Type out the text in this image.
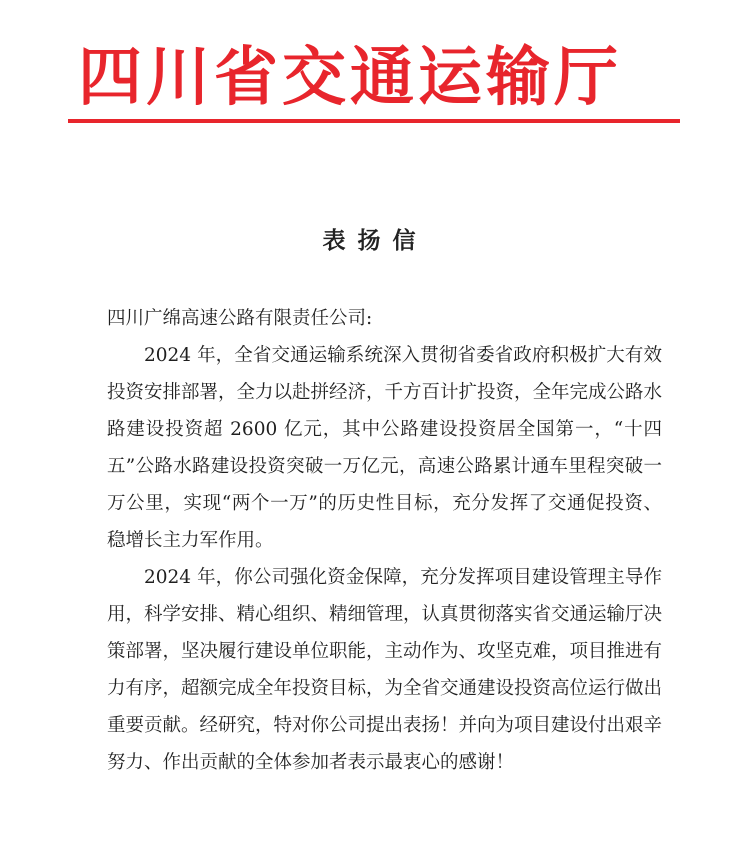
四川省交通运输厅
表扬信

四川广绵高速公路有限责任公司:

2024 年，全省交通运输系统深入贯彻省委省政府积极扩大有效投资安排部署，全力以赴拼经济，千方百计扩投资，全年完成公路水路建设投资超 2600 亿元，其中公路建设投资居全国第一，“十四五”公路水路建设投资突破一万亿元，高速公路累计通车里程突破一万公里，实现“两个一万”的历史性目标，充分发挥了交通促投资、稳增长主力军作用。

2024 年，你公司强化资金保障，充分发挥项目建设管理主导作用，科学安排、精心组织、精细管理，认真贯彻落实省交通运输厅决策部署，坚决履行建设单位职能，主动作为、攻坚克难，项目推进有力有序，超额完成全年投资目标，为全省交通建设投资高位运行做出重要贡献。经研究，特对你公司提出表扬！并向为项目建设付出艰辛努力、作出贡献的全体参加者表示最衷心的感谢！
